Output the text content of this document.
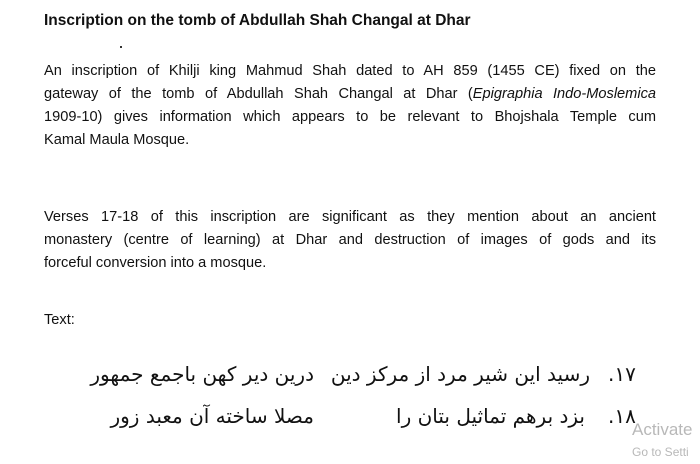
Inscription on the tomb of Abdullah Shah Changal at Dhar

An inscription of Khilji king Mahmud Shah dated to AH 859 (1455 CE) fixed on the
gateway of the tomb of Abdullah Shah Changal at Dhar (Epigraphia Indo-Moslemica
1909-10) gives information which appears to be relevant to Bhojshala Temple cum
Kamal Maula Mosque.

Verses 17-18 of this inscription are significant as they mention about an ancient
monastery (centre of learning) at Dhar and destruction of images of gods and its
forceful conversion into a mosque.

Text:
١٧.
رسید این شیر مرد از مرکز دین
درین دیر کهن باجمع جمهور
١٨.
بزد برهم تماثیل بتان را
مصلا ساخته آن معبد زور
Activate
Go to Setti
